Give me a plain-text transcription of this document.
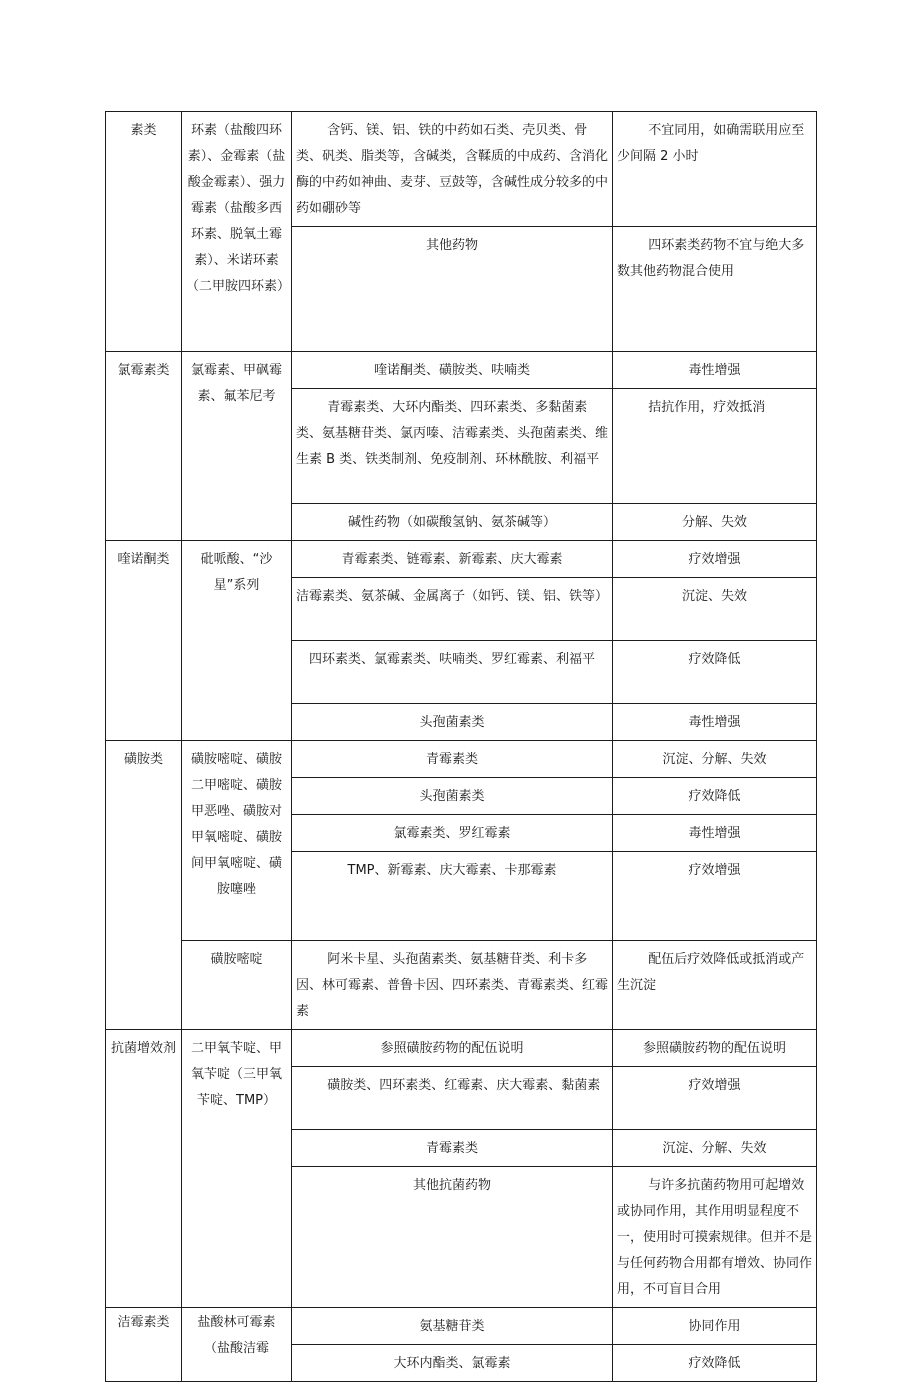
素类	环素（盐酸四环素）、金霉素（盐酸金霉素）、强力霉素（盐酸多西环素、脱氧土霉素）、米诺环素（二甲胺四环素）	含钙、镁、铝、铁的中药如石类、壳贝类、骨类、矾类、脂类等，含碱类，含鞣质的中成药、含消化酶的中药如神曲、麦芽、豆鼓等，含碱性成分较多的中药如硼砂等	不宜同用，如确需联用应至少间隔 2 小时
		其他药物	四环素类药物不宜与绝大多数其他药物混合使用
氯霉素类	氯霉素、甲砜霉素、氟苯尼考	喹诺酮类、磺胺类、呋喃类	毒性增强
		青霉素类、大环内酯类、四环素类、多黏菌素类、氨基糖苷类、氯丙嗪、洁霉素类、头孢菌素类、维生素 B 类、铁类制剂、免疫制剂、环林酰胺、利福平	拮抗作用，疗效抵消
		碱性药物（如碳酸氢钠、氨茶碱等）	分解、失效
喹诺酮类	砒哌酸、“沙星”系列	青霉素类、链霉素、新霉素、庆大霉素	疗效增强
		洁霉素类、氨茶碱、金属离子（如钙、镁、铝、铁等）	沉淀、失效
		四环素类、氯霉素类、呋喃类、罗红霉素、利福平	疗效降低
		头孢菌素类	毒性增强
磺胺类	磺胺嘧啶、磺胺二甲嘧啶、磺胺甲恶唑、磺胺对甲氧嘧啶、磺胺间甲氧嘧啶、磺胺噻唑	青霉素类	沉淀、分解、失效
		头孢菌素类	疗效降低
		氯霉素类、罗红霉素	毒性增强
		TMP、新霉素、庆大霉素、卡那霉素	疗效增强
	磺胺嘧啶	阿米卡星、头孢菌素类、氨基糖苷类、利卡多因、林可霉素、普鲁卡因、四环素类、青霉素类、红霉素	配伍后疗效降低或抵消或产生沉淀
抗菌增效剂	二甲氧苄啶、甲氧苄啶（三甲氧苄啶、TMP）	参照磺胺药物的配伍说明	参照磺胺药物的配伍说明
		磺胺类、四环素类、红霉素、庆大霉素、黏菌素	疗效增强
		青霉素类	沉淀、分解、失效
		其他抗菌药物	与许多抗菌药物用可起增效或协同作用，其作用明显程度不一，使用时可摸索规律。但并不是与任何药物合用都有增效、协同作用，不可盲目合用
洁霉素类	盐酸林可霉素（盐酸洁霉	氨基糖苷类	协同作用
		大环内酯类、氯霉素	疗效降低
